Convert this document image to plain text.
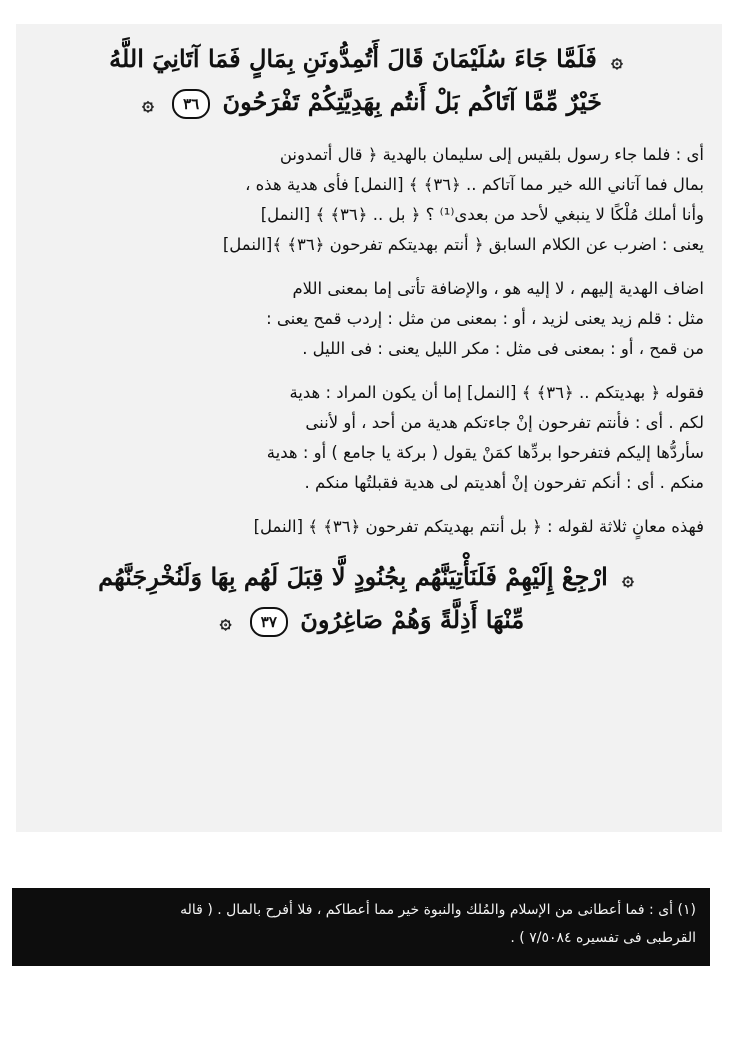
۞ فَلَمَّا جَاءَ سُلَيْمَانَ قَالَ أَتُمِدُّونَنِ بِمَالٍ فَمَا آتَانِيَ اللَّهُ
خَيْرٌ مِّمَّا آتَاكُم بَلْ أَنتُم بِهَدِيَّتِكُمْ تَفْرَحُونَ ٣٦ ۞

أى : فلما جاء رسول بلقيس إلى سليمان بالهدية ﴿ قال أتمدونن

بمال فما آتاني الله خير مما آتاكم .. ﴿٣٦﴾ ﴾ [النمل] فأى هدية هذه ،

وأنا أملك مُلْكًا لا ينبغي لأحد من بعدى⁽¹⁾ ؟ ﴿ بل .. ﴿٣٦﴾ ﴾ [النمل]

يعنى : اضرب عن الكلام السابق ﴿ أنتم بهديتكم تفرحون ﴿٣٦﴾ ﴾[النمل]

اضاف الهدية إليهم ، لا إليه هو ، والإضافة تأتى إما بمعنى اللام

مثل : قلم زيد يعنى لزيد ، أو : بمعنى من مثل : إردب قمح يعنى :

من قمح ، أو : بمعنى فى مثل : مكر الليل يعنى : فى الليل .

فقوله ﴿ بهديتكم .. ﴿٣٦﴾ ﴾ [النمل] إما أن يكون المراد : هدية

لكم . أى : فأنتم تفرحون إنْ جاءتكم هدية من أحد ، أو لأننى

سأردُّها إليكم فتفرحوا بردِّها كمَنْ يقول ( بركة يا جامع ) أو : هدية

منكم . أى : أنكم تفرحون إنْ أهديتم لى هدية فقبلتُها منكم .

فهذه معانٍ ثلاثة لقوله : ﴿ بل أنتم بهديتكم تفرحون ﴿٣٦﴾ ﴾ [النمل]

۞ ارْجِعْ إِلَيْهِمْ فَلَنَأْتِيَنَّهُم بِجُنُودٍ لَّا قِبَلَ لَهُم بِهَا وَلَنُخْرِجَنَّهُم
مِّنْهَا أَذِلَّةً وَهُمْ صَاغِرُونَ ٣٧ ۞

(١) أى : فما أعطانى من الإسلام والمُلك والنبوة خير مما أعطاكم ، فلا أفرح بالمال . ( قاله

القرطبى فى تفسيره ٧/٥٠٨٤ ) .
